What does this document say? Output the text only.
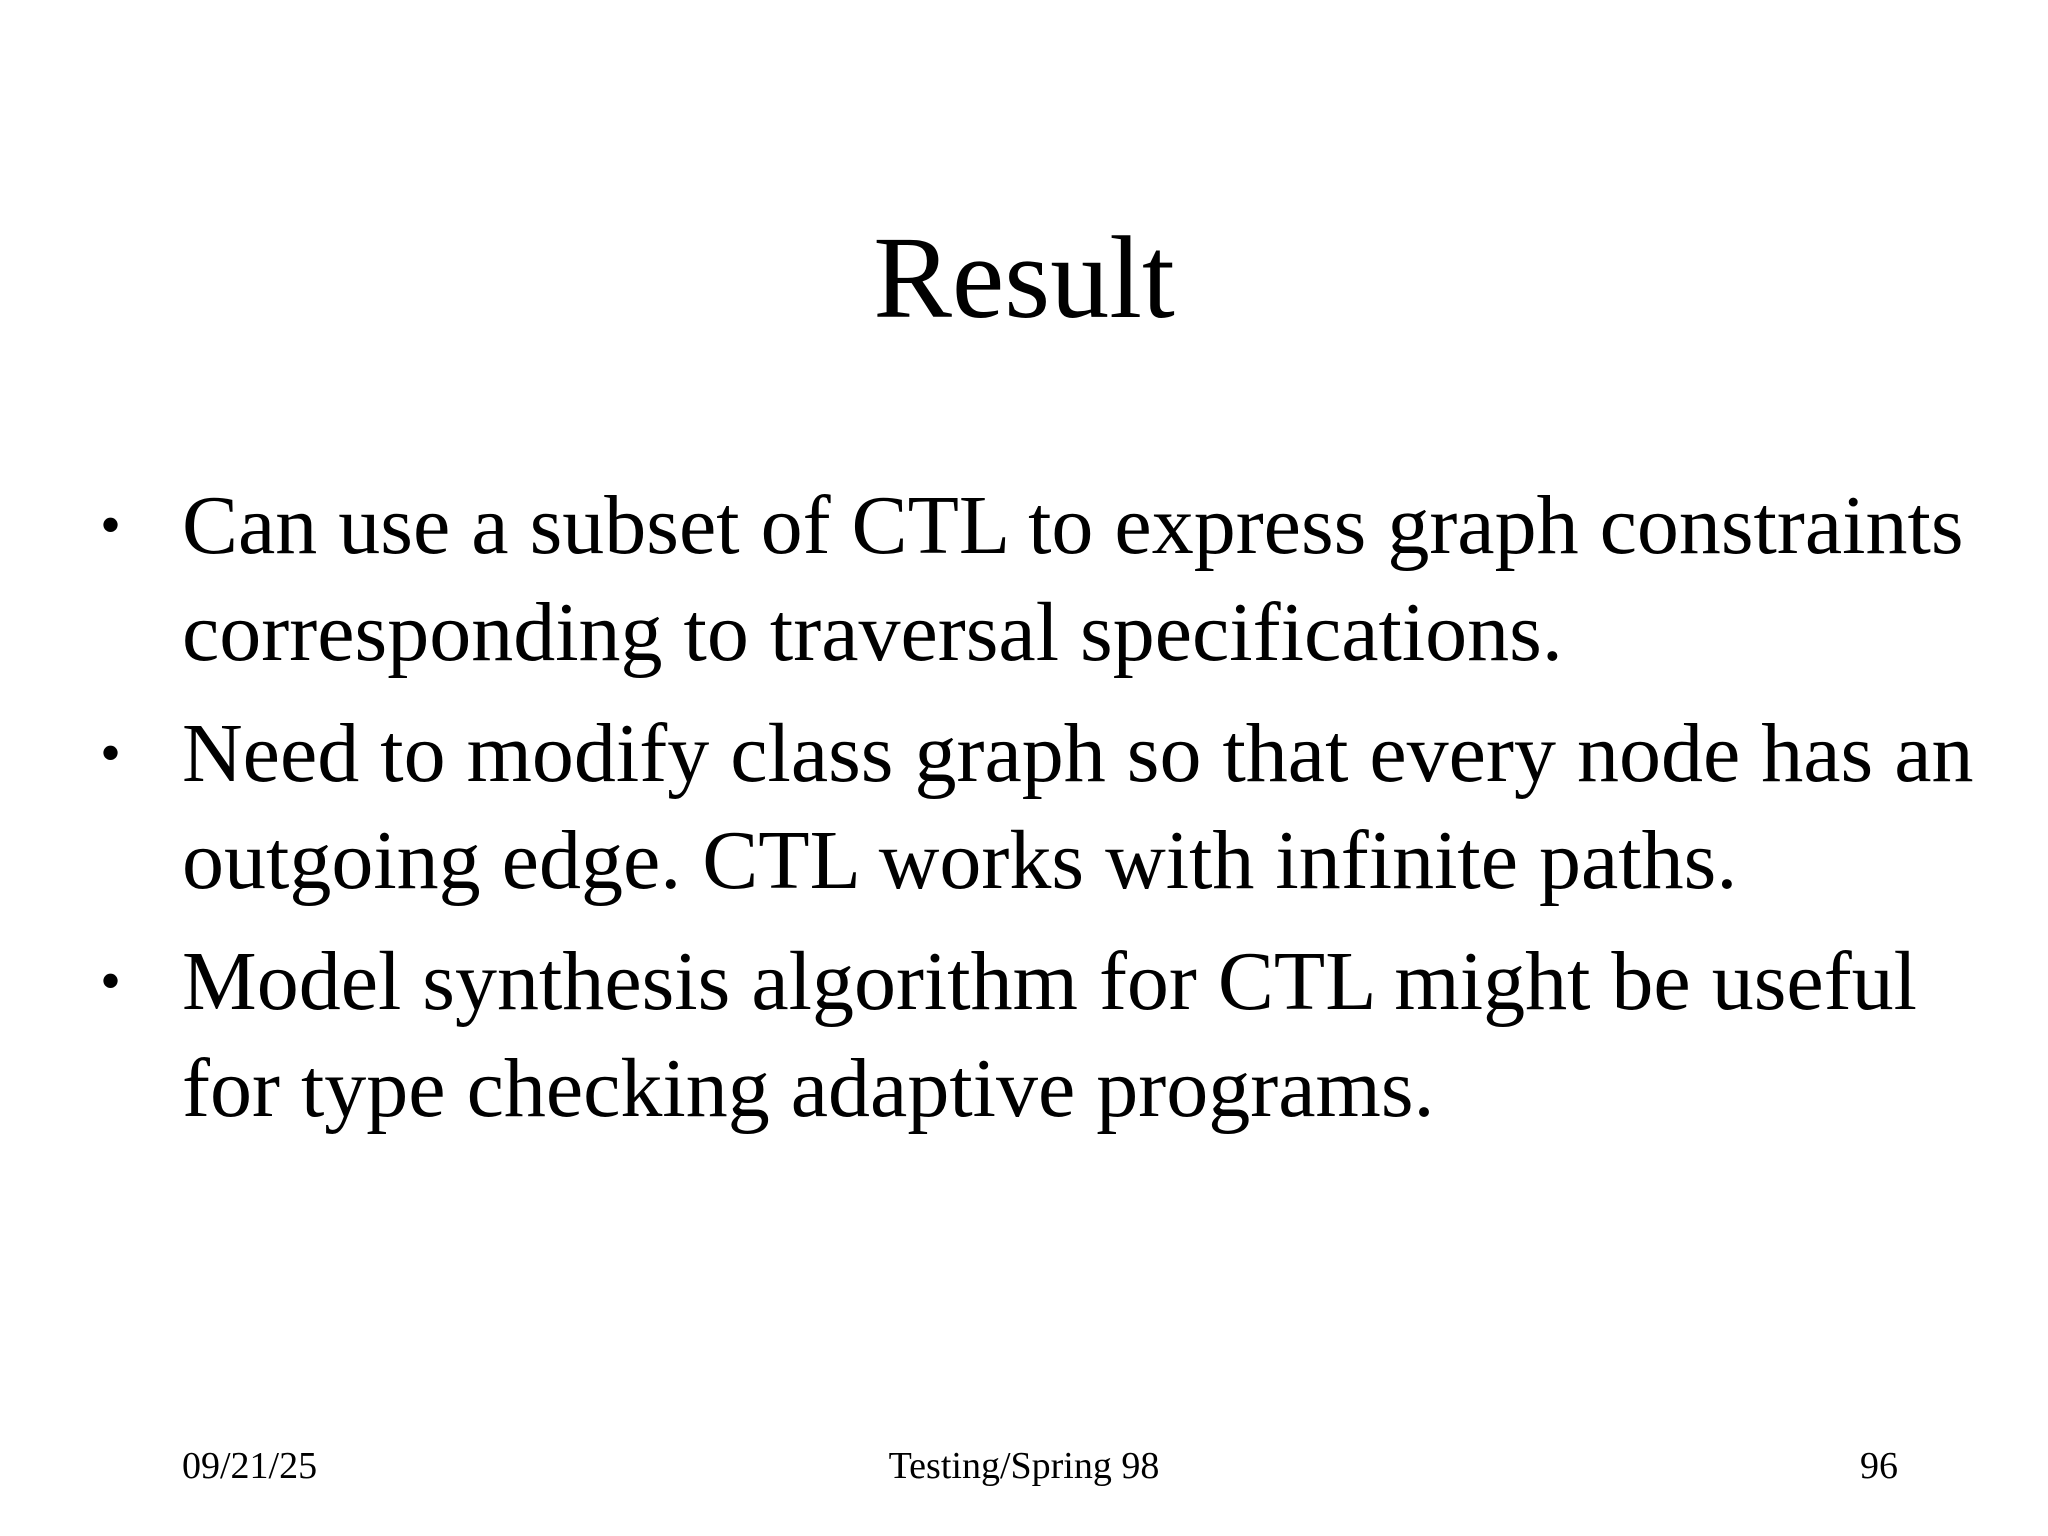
Result
• Can use a subset of CTL to express graph constraints corresponding to traversal specifications.
• Need to modify class graph so that every node has an outgoing edge. CTL works with infinite paths.
• Model synthesis algorithm for CTL might be useful for type checking adaptive programs.
09/21/25	Testing/Spring 98	96
